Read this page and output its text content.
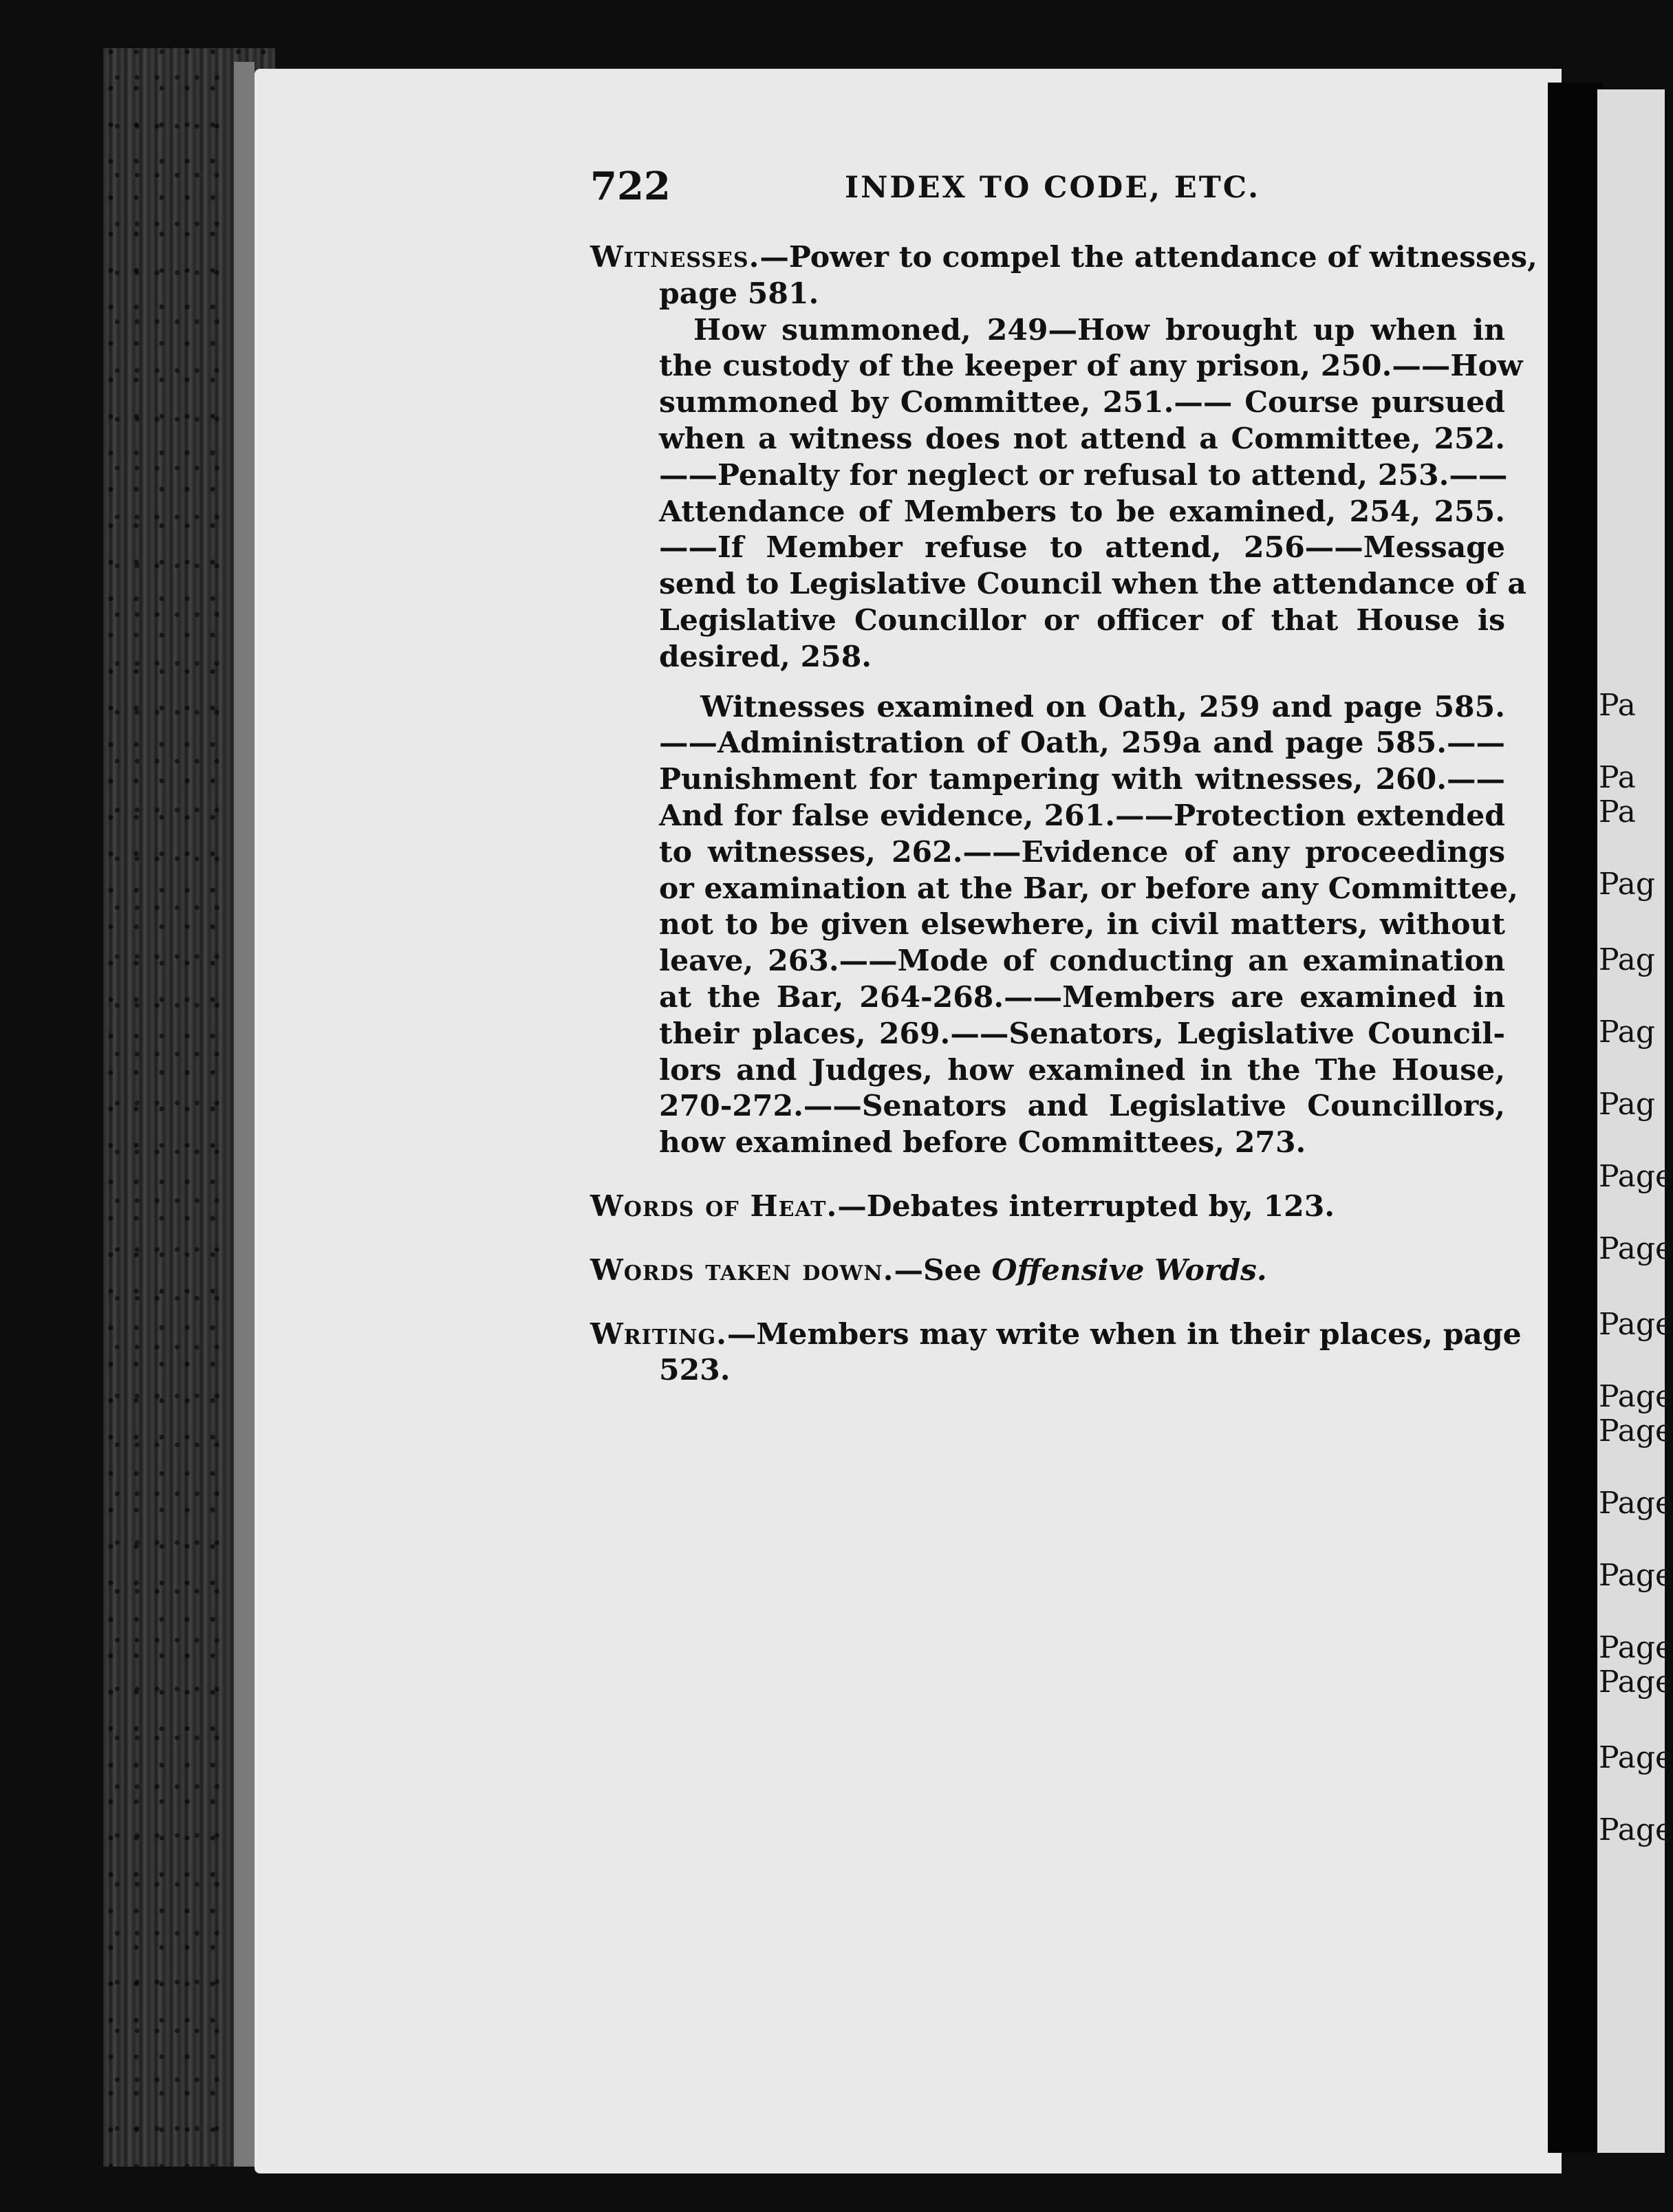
Pa
Pa
Pa
Pag
Pag
Pag
Pag
Page
Page
Page
Page
Page
Page
Page
Page
Page
Page
Page
722	INDEX TO CODE, ETC.
Witnesses.—Power to compel the attendance of witnesses,
page 581.
How summoned, 249—How brought up when in
the custody of the keeper of any prison, 250.——How
summoned by Committee, 251.—— Course pursued
when a witness does not attend a Committee, 252.
——Penalty for neglect or refusal to attend, 253.——
Attendance of Members to be examined, 254, 255.
——If Member refuse to attend, 256——Message
send to Legislative Council when the attendance of a
Legislative Councillor or officer of that House is
desired, 258.
Witnesses examined on Oath, 259 and page 585.
——Administration of Oath, 259a and page 585.——
Punishment for tampering with witnesses, 260.——
And for false evidence, 261.——Protection extended
to witnesses, 262.——Evidence of any proceedings
or examination at the Bar, or before any Committee,
not to be given elsewhere, in civil matters, without
leave, 263.——Mode of conducting an examination
at the Bar, 264-268.——Members are examined in
their places, 269.——Senators, Legislative Council-
lors and Judges, how examined in the The House,
270-272.——Senators and Legislative Councillors,
how examined before Committees, 273.
Words of Heat.—Debates interrupted by, 123.
Words taken down.—See Offensive Words.
Writing.—Members may write when in their places, page
523.
